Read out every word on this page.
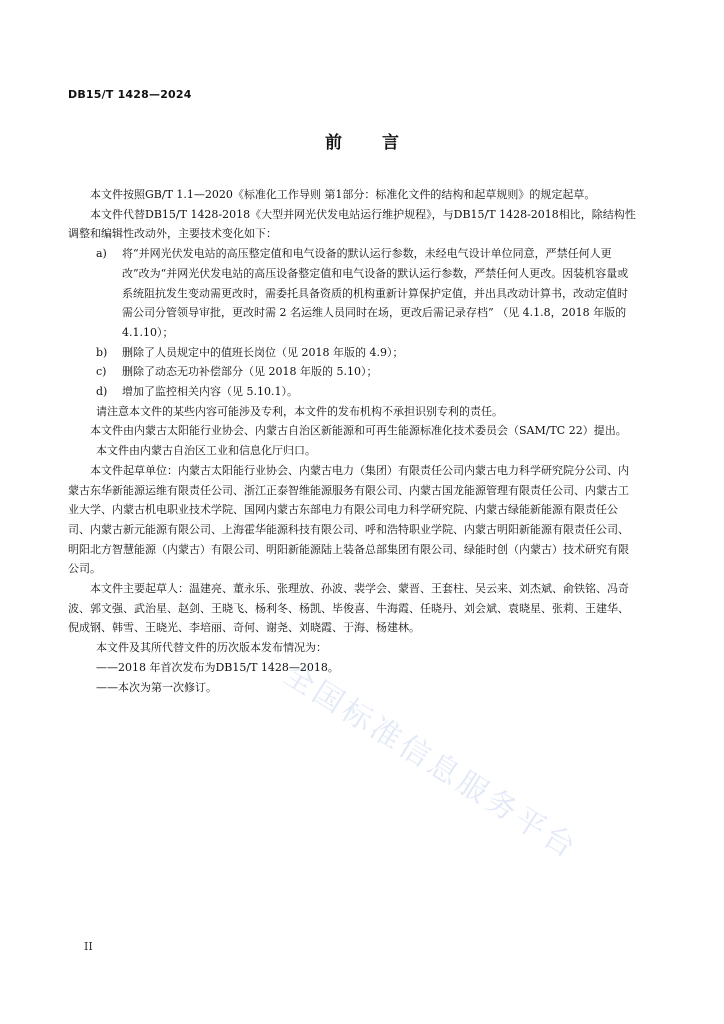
DB15/T 1428—2024
前言

本文件按照GB/T 1.1—2020《标准化工作导则 第1部分：标准化文件的结构和起草规则》的规定起草。

本文件代替DB15/T 1428-2018《大型并网光伏发电站运行维护规程》，与DB15/T 1428-2018相比，除结构性调整和编辑性改动外，主要技术变化如下：

a) 将“并网光伏发电站的高压整定值和电气设备的默认运行参数，未经电气设计单位同意，严禁任何人更改”改为“并网光伏发电站的高压设备整定值和电气设备的默认运行参数，严禁任何人更改。因装机容量或系统阻抗发生变动需更改时，需委托具备资质的机构重新计算保护定值，并出具改动计算书，改动定值时需公司分管领导审批，更改时需 2 名运维人员同时在场，更改后需记录存档” （见 4.1.8，2018 年版的 4.1.10）；
b) 删除了人员规定中的值班长岗位（见 2018 年版的 4.9）；
c) 删除了动态无功补偿部分（见 2018 年版的 5.10）；
d) 增加了监控相关内容（见 5.10.1）。

请注意本文件的某些内容可能涉及专利，本文件的发布机构不承担识别专利的责任。

本文件由内蒙古太阳能行业协会、内蒙古自治区新能源和可再生能源标准化技术委员会（SAM/TC 22）提出。

本文件由内蒙古自治区工业和信息化厅归口。

本文件起草单位：内蒙古太阳能行业协会、内蒙古电力（集团）有限责任公司内蒙古电力科学研究院分公司、内蒙古东华新能源运维有限责任公司、浙江正泰智维能源服务有限公司、内蒙古国龙能源管理有限责任公司、内蒙古工业大学、内蒙古机电职业技术学院、国网内蒙古东部电力有限公司电力科学研究院、内蒙古绿能新能源有限责任公司、内蒙古新元能源有限公司、上海霍华能源科技有限公司、呼和浩特职业学院、内蒙古明阳新能源有限责任公司、明阳北方智慧能源（内蒙古）有限公司、明阳新能源陆上装备总部集团有限公司、绿能时创（内蒙古）技术研究有限公司。

本文件主要起草人：温建亮、董永乐、张理放、孙波、裴学会、蒙晋、王套柱、吴云来、刘杰斌、俞铁铭、冯奇波、郭文强、武治星、赵剑、王晓飞、杨利冬、杨凯、毕俊喜、牛海霞、任晓丹、刘会斌、袁晓星、张莉、王建华、倪成钢、韩雪、王晓光、李培丽、奇何、谢尧、刘晓霞、于海、杨建林。

本文件及其所代替文件的历次版本发布情况为：

——2018 年首次发布为DB15/T 1428—2018。

——本次为第一次修订。	全国标准信息服务平台
II
